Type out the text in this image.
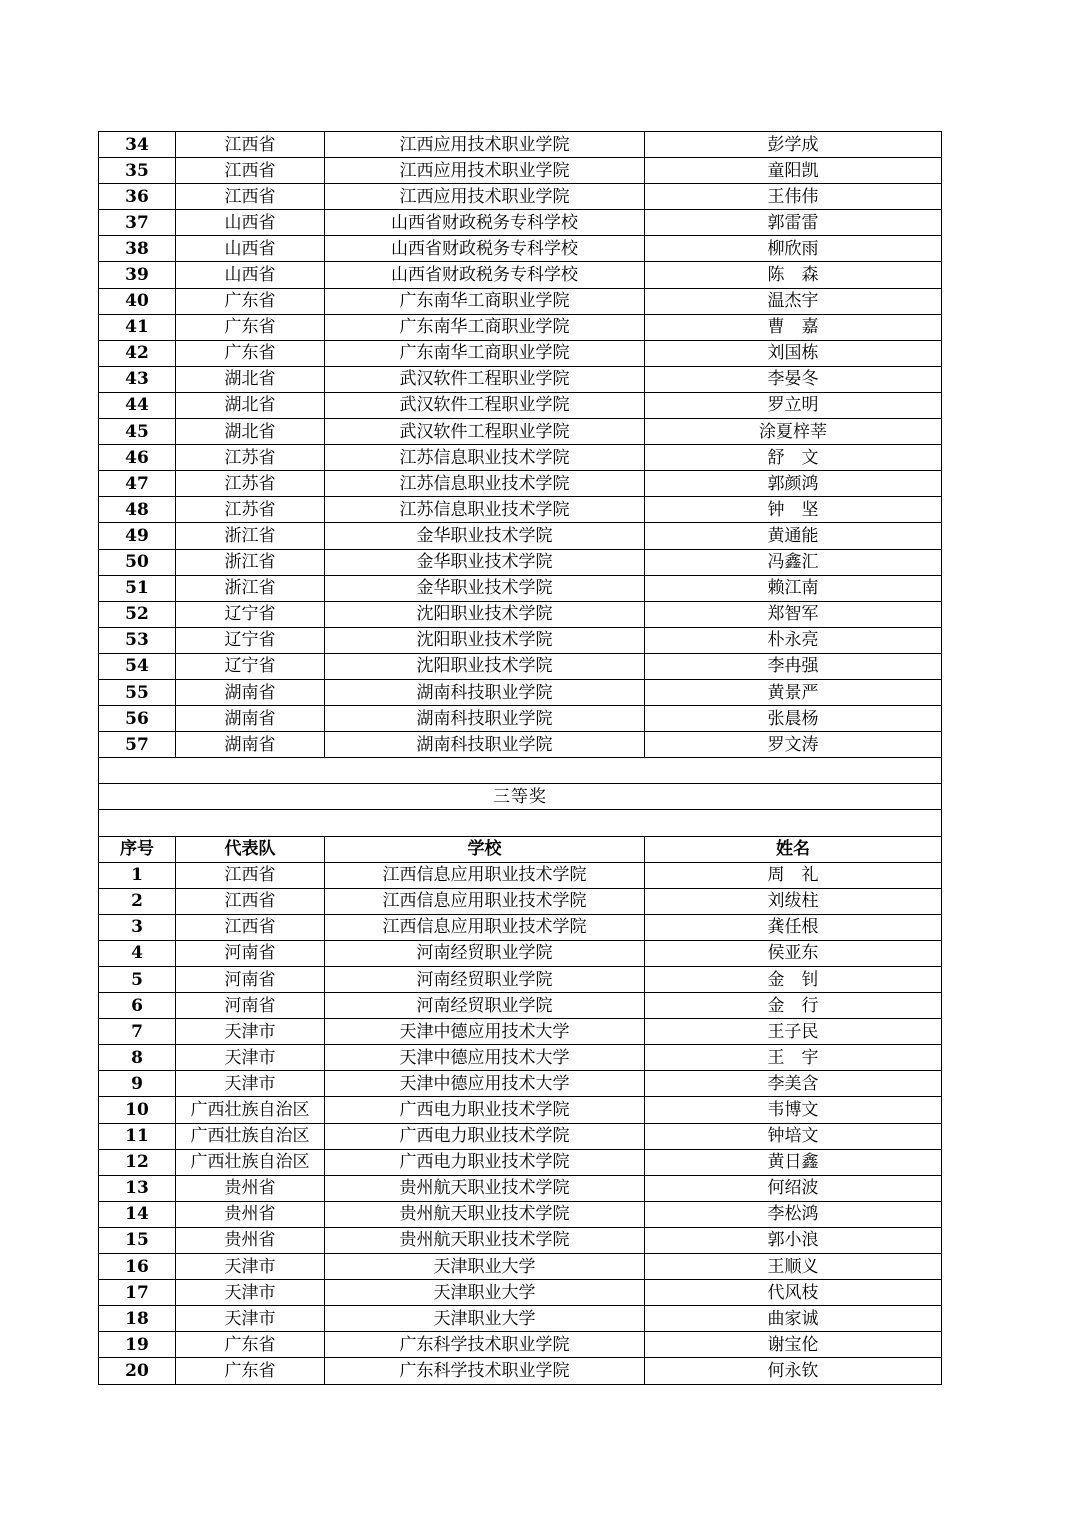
34	江西省	江西应用技术职业学院	彭学成
35	江西省	江西应用技术职业学院	童阳凯
36	江西省	江西应用技术职业学院	王伟伟
37	山西省	山西省财政税务专科学校	郭雷雷
38	山西省	山西省财政税务专科学校	柳欣雨
39	山西省	山西省财政税务专科学校	陈　森
40	广东省	广东南华工商职业学院	温杰宇
41	广东省	广东南华工商职业学院	曹　嘉
42	广东省	广东南华工商职业学院	刘国栋
43	湖北省	武汉软件工程职业学院	李晏冬
44	湖北省	武汉软件工程职业学院	罗立明
45	湖北省	武汉软件工程职业学院	涂夏梓莘
46	江苏省	江苏信息职业技术学院	舒　文
47	江苏省	江苏信息职业技术学院	郭颜鸿
48	江苏省	江苏信息职业技术学院	钟　坚
49	浙江省	金华职业技术学院	黄通能
50	浙江省	金华职业技术学院	冯鑫汇
51	浙江省	金华职业技术学院	赖江南
52	辽宁省	沈阳职业技术学院	郑智军
53	辽宁省	沈阳职业技术学院	朴永亮
54	辽宁省	沈阳职业技术学院	李冉强
55	湖南省	湖南科技职业学院	黄景严
56	湖南省	湖南科技职业学院	张晨杨
57	湖南省	湖南科技职业学院	罗文涛

三等奖			

序号	代表队	学校	姓名
1	江西省	江西信息应用职业技术学院	周　礼
2	江西省	江西信息应用职业技术学院	刘绂柱
3	江西省	江西信息应用职业技术学院	龚任根
4	河南省	河南经贸职业学院	侯亚东
5	河南省	河南经贸职业学院	金　钊
6	河南省	河南经贸职业学院	金　行
7	天津市	天津中德应用技术大学	王子民
8	天津市	天津中德应用技术大学	王　宇
9	天津市	天津中德应用技术大学	李美含
10	广西壮族自治区	广西电力职业技术学院	韦博文
11	广西壮族自治区	广西电力职业技术学院	钟培文
12	广西壮族自治区	广西电力职业技术学院	黄日鑫
13	贵州省	贵州航天职业技术学院	何绍波
14	贵州省	贵州航天职业技术学院	李松鸿
15	贵州省	贵州航天职业技术学院	郭小浪
16	天津市	天津职业大学	王顺义
17	天津市	天津职业大学	代风枝
18	天津市	天津职业大学	曲家诚
19	广东省	广东科学技术职业学院	谢宝伦
20	广东省	广东科学技术职业学院	何永钦
